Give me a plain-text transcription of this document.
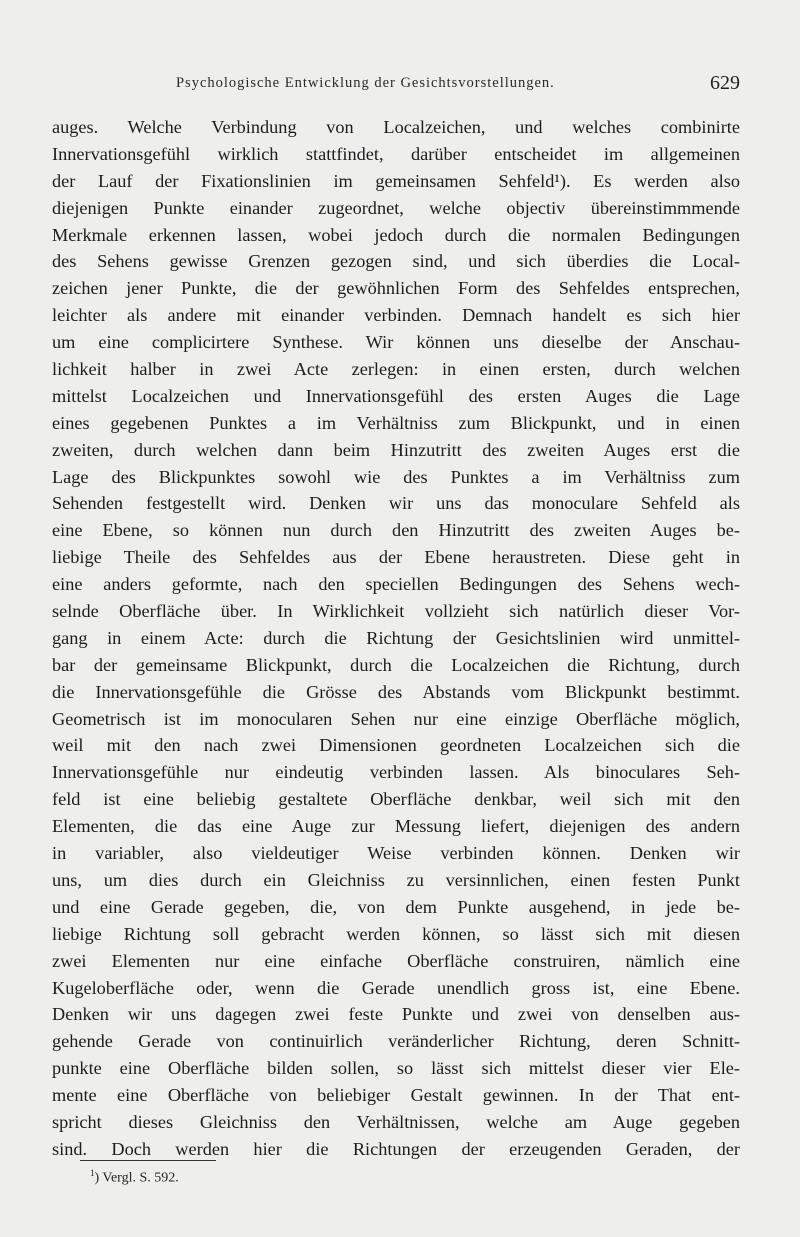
Psychologische Entwicklung der Gesichtsvorstellungen.	629
auges. Welche Verbindung von Localzeichen, und welches combinirte
Innervationsgefühl wirklich stattfindet, darüber entscheidet im allgemeinen
der Lauf der Fixationslinien im gemeinsamen Sehfeld¹). Es werden also
diejenigen Punkte einander zugeordnet, welche objectiv übereinstimmmende
Merkmale erkennen lassen, wobei jedoch durch die normalen Bedingungen
des Sehens gewisse Grenzen gezogen sind, und sich überdies die Local-
zeichen jener Punkte, die der gewöhnlichen Form des Sehfeldes entsprechen,
leichter als andere mit einander verbinden. Demnach handelt es sich hier
um eine complicirtere Synthese. Wir können uns dieselbe der Anschau-
lichkeit halber in zwei Acte zerlegen: in einen ersten, durch welchen
mittelst Localzeichen und Innervationsgefühl des ersten Auges die Lage
eines gegebenen Punktes a im Verhältniss zum Blickpunkt, und in einen
zweiten, durch welchen dann beim Hinzutritt des zweiten Auges erst die
Lage des Blickpunktes sowohl wie des Punktes a im Verhältniss zum
Sehenden festgestellt wird. Denken wir uns das monoculare Sehfeld als
eine Ebene, so können nun durch den Hinzutritt des zweiten Auges be-
liebige Theile des Sehfeldes aus der Ebene heraustreten. Diese geht in
eine anders geformte, nach den speciellen Bedingungen des Sehens wech-
selnde Oberfläche über. In Wirklichkeit vollzieht sich natürlich dieser Vor-
gang in einem Acte: durch die Richtung der Gesichtslinien wird unmittel-
bar der gemeinsame Blickpunkt, durch die Localzeichen die Richtung, durch
die Innervationsgefühle die Grösse des Abstands vom Blickpunkt bestimmt.
Geometrisch ist im monocularen Sehen nur eine einzige Oberfläche möglich,
weil mit den nach zwei Dimensionen geordneten Localzeichen sich die
Innervationsgefühle nur eindeutig verbinden lassen. Als binoculares Seh-
feld ist eine beliebig gestaltete Oberfläche denkbar, weil sich mit den
Elementen, die das eine Auge zur Messung liefert, diejenigen des andern
in variabler, also vieldeutiger Weise verbinden können. Denken wir
uns, um dies durch ein Gleichniss zu versinnlichen, einen festen Punkt
und eine Gerade gegeben, die, von dem Punkte ausgehend, in jede be-
liebige Richtung soll gebracht werden können, so lässt sich mit diesen
zwei Elementen nur eine einfache Oberfläche construiren, nämlich eine
Kugeloberfläche oder, wenn die Gerade unendlich gross ist, eine Ebene.
Denken wir uns dagegen zwei feste Punkte und zwei von denselben aus-
gehende Gerade von continuirlich veränderlicher Richtung, deren Schnitt-
punkte eine Oberfläche bilden sollen, so lässt sich mittelst dieser vier Ele-
mente eine Oberfläche von beliebiger Gestalt gewinnen. In der That ent-
spricht dieses Gleichniss den Verhältnissen, welche am Auge gegeben
sind. Doch werden hier die Richtungen der erzeugenden Geraden, der
$^1$) Vergl. S. 592.
